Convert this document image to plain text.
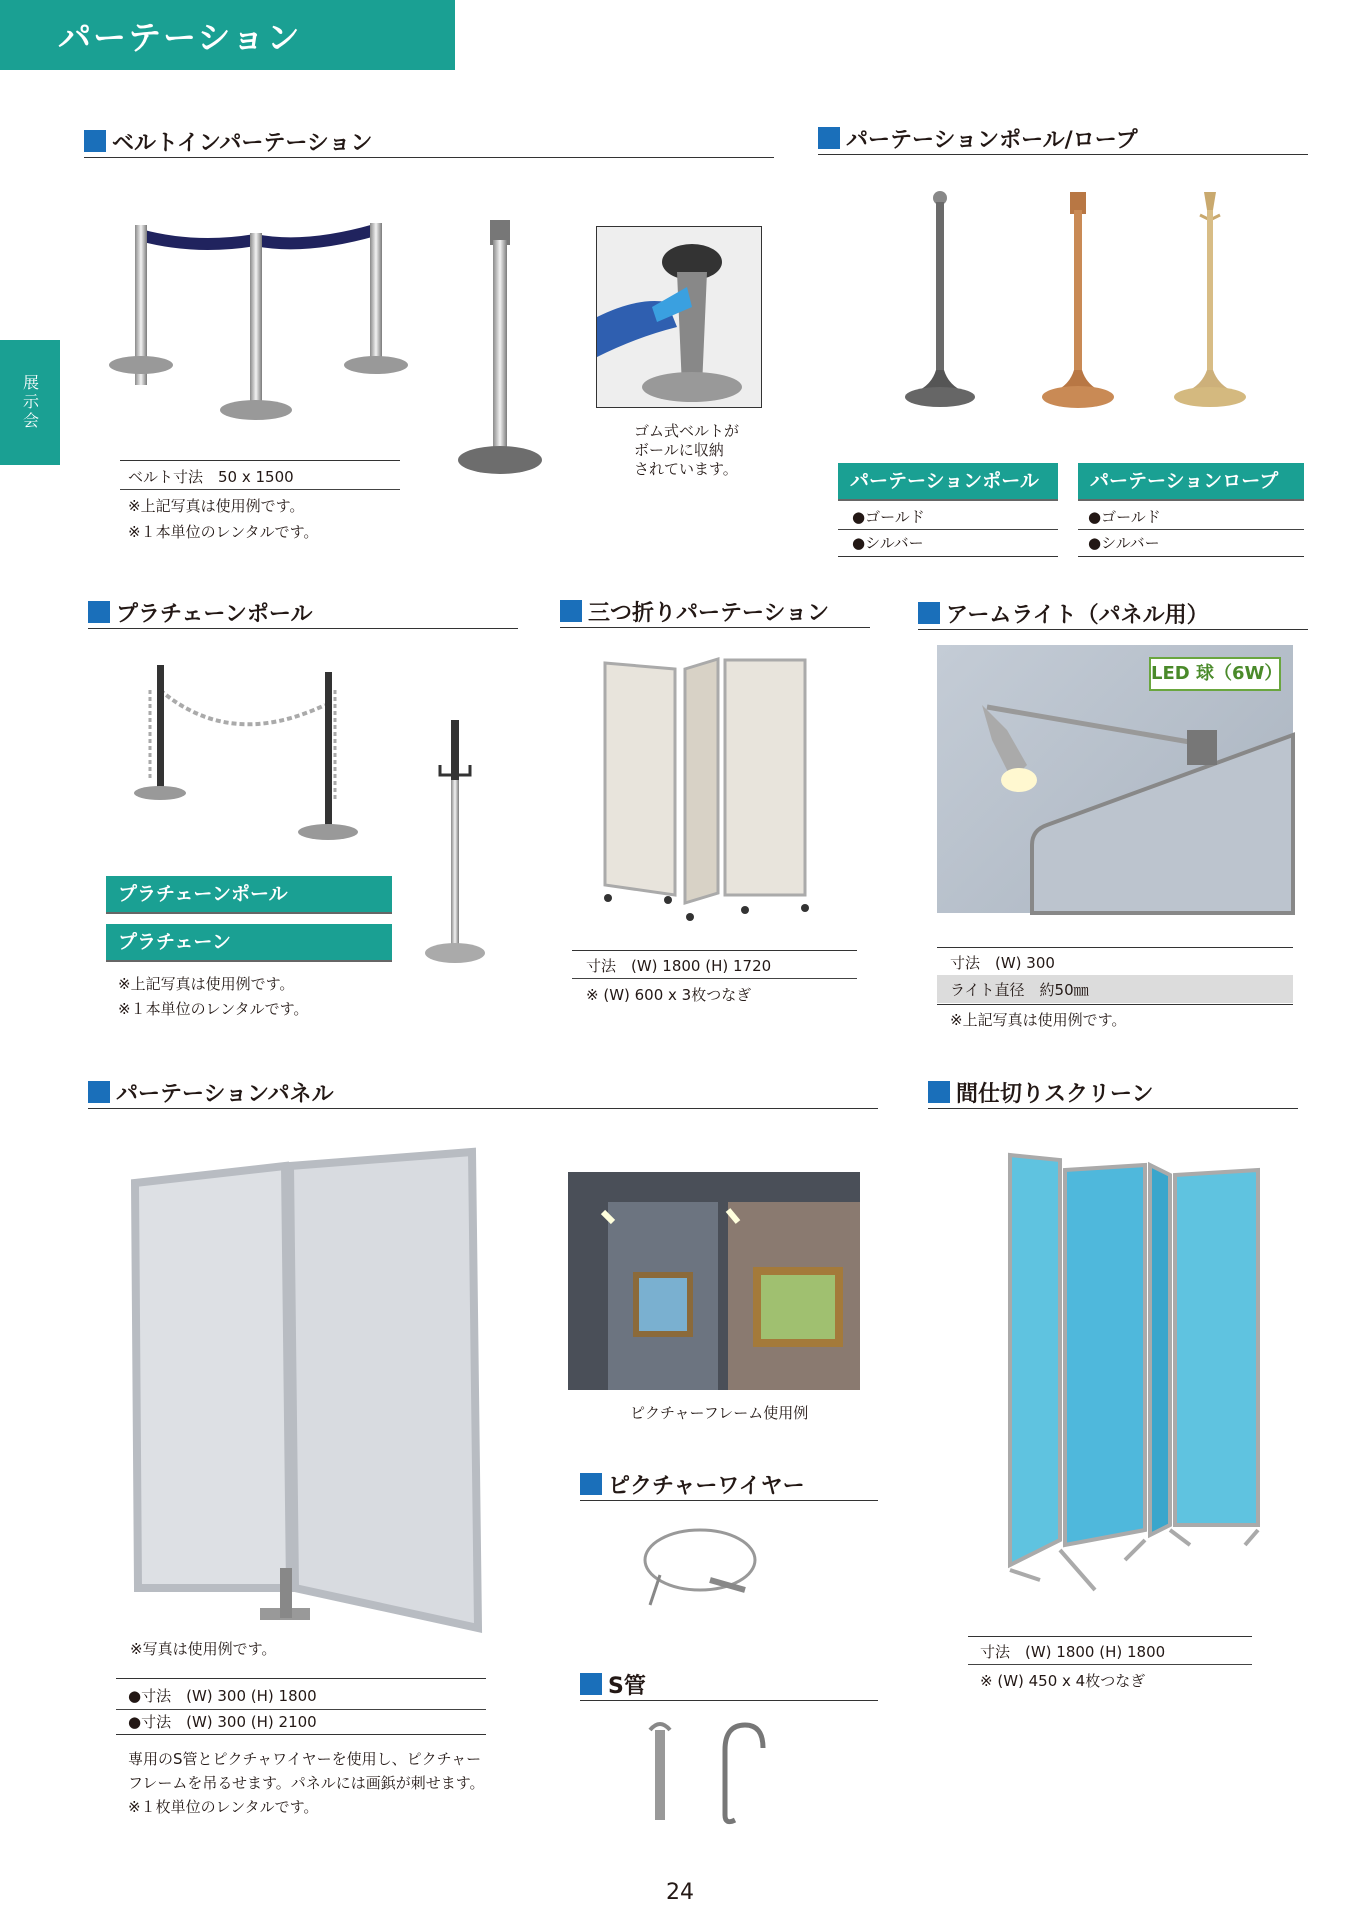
パーテーション
展示会
ベルトインパーテーション
ゴム式ベルトが
ボールに収納
されています。
ベルト寸法　50 x 1500
※上記写真は使用例です。
※１本単位のレンタルです。
パーテーションポール/ロープ
パーテーションポール	パーテーションロープ
●ゴールド
●シルバー
●ゴールド
●シルバー
プラチェーンポール
プラチェーンポール
プラチェーン
※上記写真は使用例です。
※１本単位のレンタルです。
三つ折りパーテーション
寸法　(W) 1800 (H) 1720
※ (W) 600 x 3枚つなぎ
アームライト（パネル用）
LED 球（6W）
寸法　(W) 300
ライト直径　約50㎜
※上記写真は使用例です。
パーテーションパネル
※写真は使用例です。
●寸法　(W) 300 (H) 1800
●寸法　(W) 300 (H) 2100
専用のS管とピクチャワイヤーを使用し、ピクチャー
フレームを吊るせます。パネルには画鋲が刺せます。
※１枚単位のレンタルです。
ピクチャーフレーム使用例
ピクチャーワイヤー
S管
間仕切りスクリーン
寸法　(W) 1800 (H) 1800
※ (W) 450 x 4枚つなぎ
24
